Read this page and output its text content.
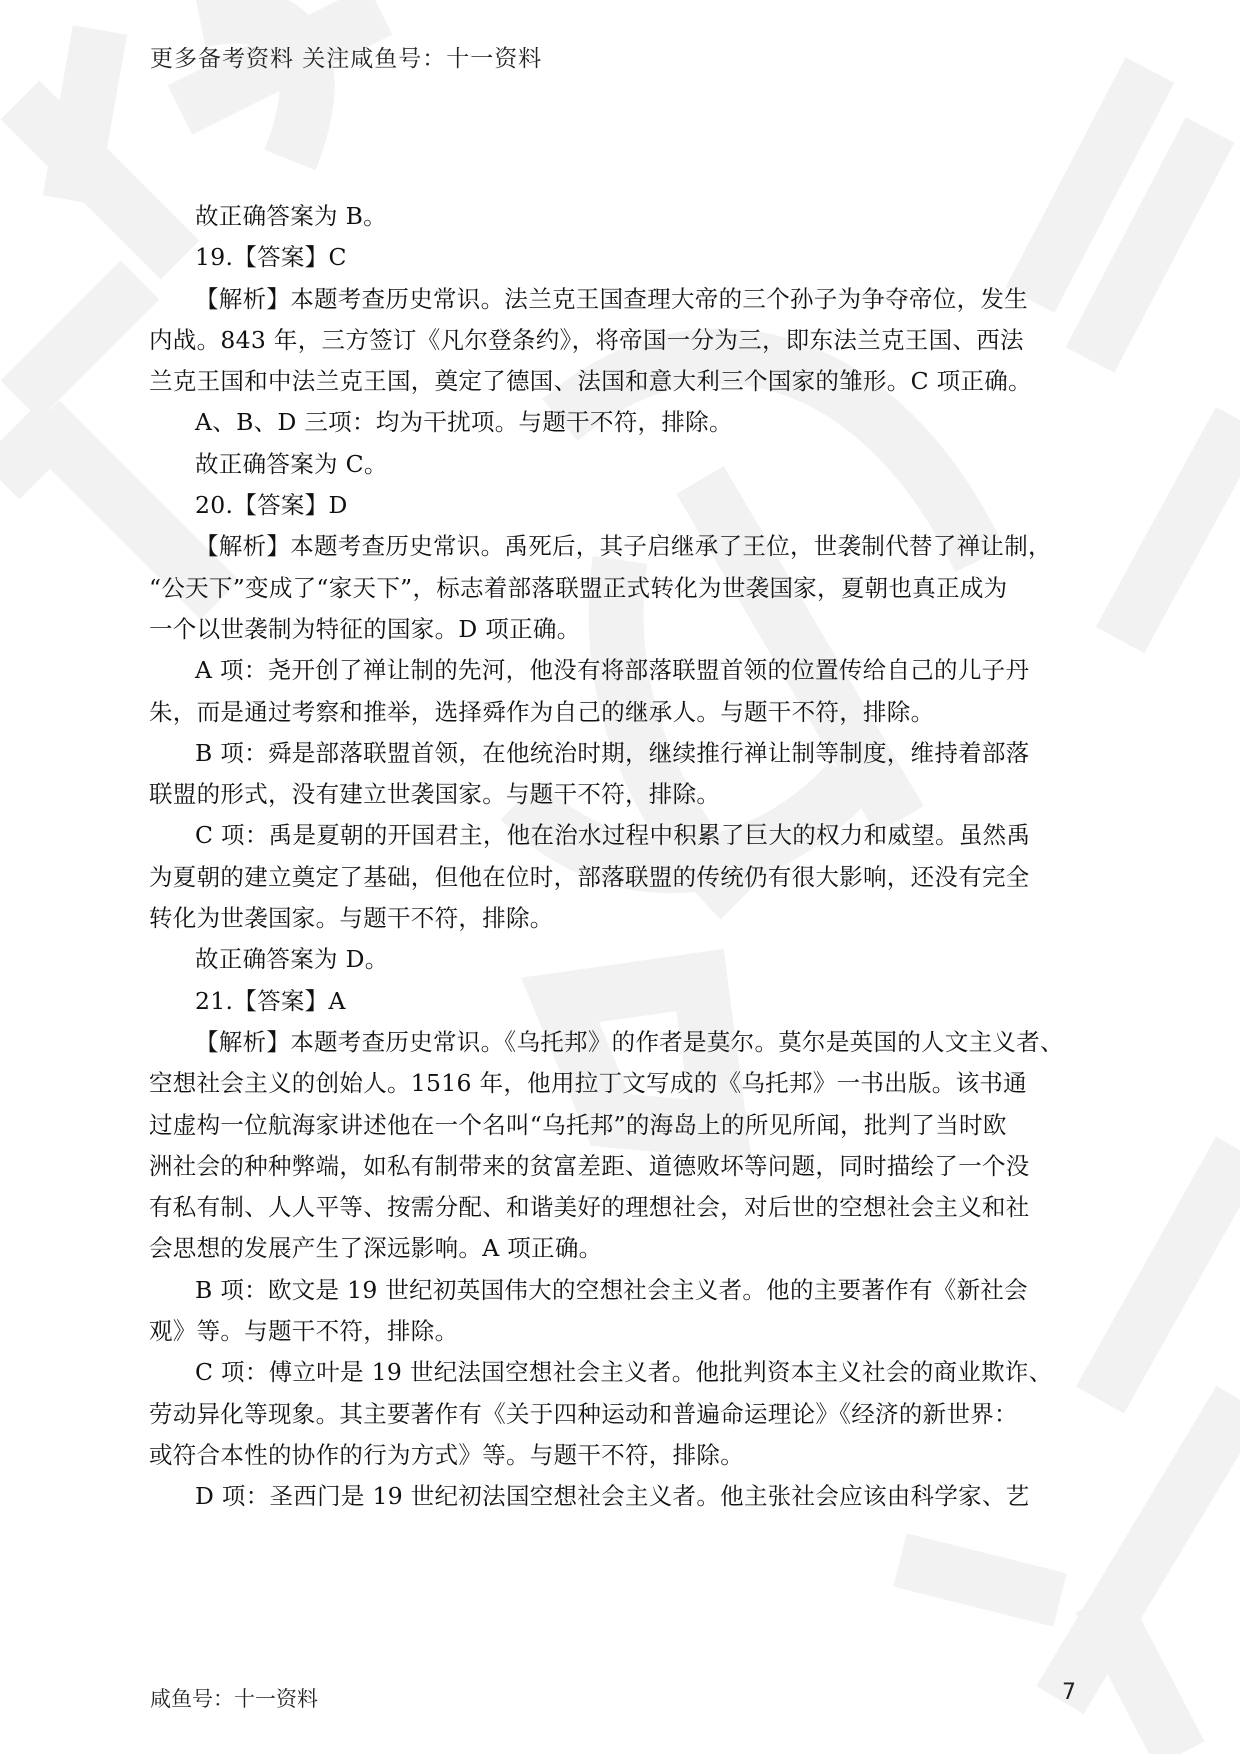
更多备考资料 关注咸鱼号：十一资料
故正确答案为 B。
19.【答案】C
【解析】本题考查历史常识。法兰克王国查理大帝的三个孙子为争夺帝位，发生
内战。843 年，三方签订《凡尔登条约》，将帝国一分为三，即东法兰克王国、西法
兰克王国和中法兰克王国，奠定了德国、法国和意大利三个国家的雏形。C 项正确。
A、B、D 三项：均为干扰项。与题干不符，排除。
故正确答案为 C。
20.【答案】D
【解析】本题考查历史常识。禹死后，其子启继承了王位，世袭制代替了禅让制，
“公天下”变成了“家天下”，标志着部落联盟正式转化为世袭国家，夏朝也真正成为
一个以世袭制为特征的国家。D 项正确。
A 项：尧开创了禅让制的先河，他没有将部落联盟首领的位置传给自己的儿子丹
朱，而是通过考察和推举，选择舜作为自己的继承人。与题干不符，排除。
B 项：舜是部落联盟首领，在他统治时期，继续推行禅让制等制度，维持着部落
联盟的形式，没有建立世袭国家。与题干不符，排除。
C 项：禹是夏朝的开国君主，他在治水过程中积累了巨大的权力和威望。虽然禹
为夏朝的建立奠定了基础，但他在位时，部落联盟的传统仍有很大影响，还没有完全
转化为世袭国家。与题干不符，排除。
故正确答案为 D。
21.【答案】A
【解析】本题考查历史常识。《乌托邦》的作者是莫尔。莫尔是英国的人文主义者、
空想社会主义的创始人。1516 年，他用拉丁文写成的《乌托邦》一书出版。该书通
过虚构一位航海家讲述他在一个名叫“乌托邦”的海岛上的所见所闻，批判了当时欧
洲社会的种种弊端，如私有制带来的贫富差距、道德败坏等问题，同时描绘了一个没
有私有制、人人平等、按需分配、和谐美好的理想社会，对后世的空想社会主义和社
会思想的发展产生了深远影响。A 项正确。
B 项：欧文是 19 世纪初英国伟大的空想社会主义者。他的主要著作有《新社会
观》等。与题干不符，排除。
C 项：傅立叶是 19 世纪法国空想社会主义者。他批判资本主义社会的商业欺诈、
劳动异化等现象。其主要著作有《关于四种运动和普遍命运理论》《经济的新世界：
或符合本性的协作的行为方式》等。与题干不符，排除。
D 项：圣西门是 19 世纪初法国空想社会主义者。他主张社会应该由科学家、艺
咸鱼号：十一资料	7
